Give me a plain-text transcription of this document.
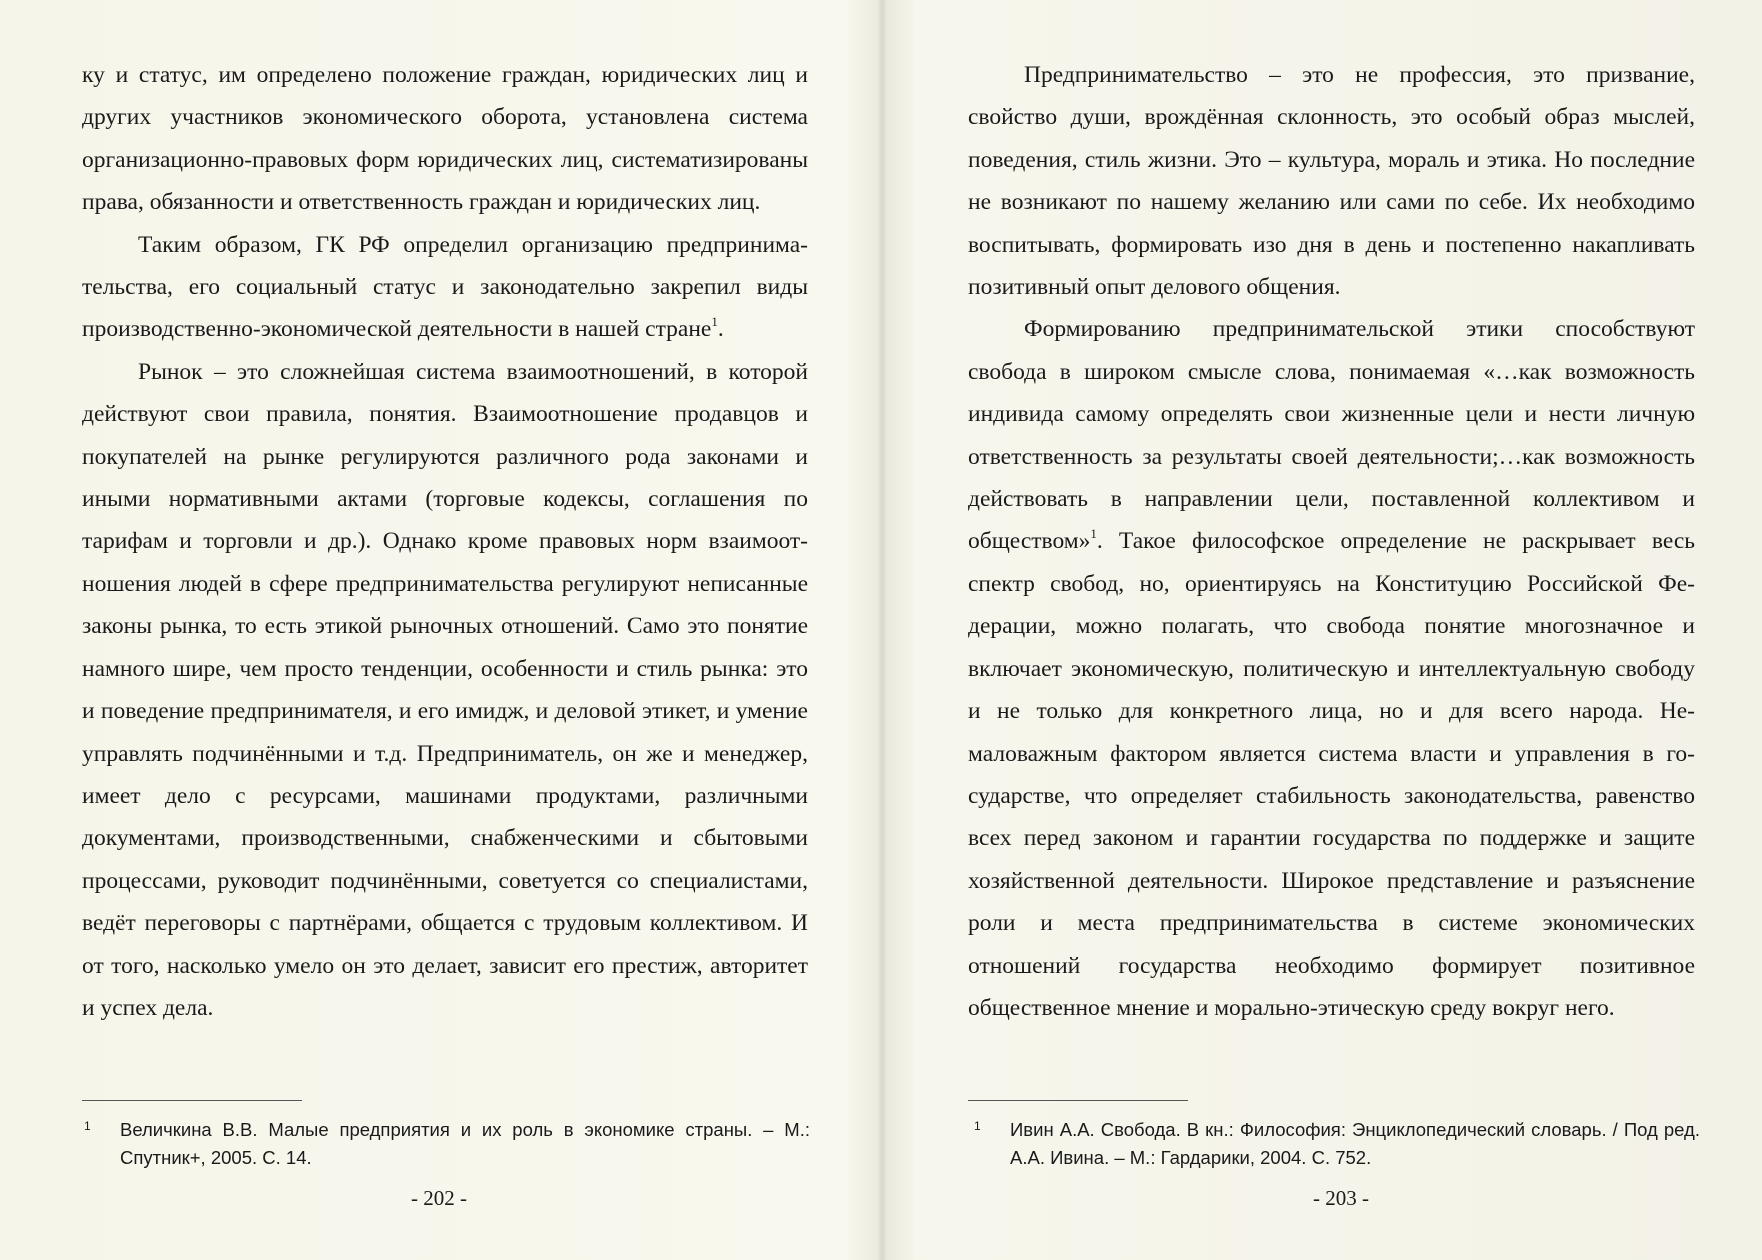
ку и статус, им определено положение граждан, юридических лиц и других участников экономического оборота, установлена система организационно-правовых форм юридических лиц, систематизированы права, обязанности и ответственность граждан и юридических лиц.

Таким образом, ГК РФ определил организацию предпринимательства, его социальный статус и законодательно закрепил виды производственно-экономической деятельности в нашей стране$^1$.

Рынок – это сложнейшая система взаимоотношений, в которой действуют свои правила, понятия. Взаимоотношение продавцов и покупателей на рынке регулируются различного рода законами и иными нормативными актами (торговые кодексы, соглашения по тарифам и торговли и др.). Однако кроме правовых норм взаимоотношения людей в сфере предпринимательства регулируют неписанные законы рынка, то есть этикой рыночных отношений. Само это понятие намного шире, чем просто тенденции, особенности и стиль рынка: это и поведение предпринимателя, и его имидж, и деловой этикет, и умение управлять подчинёнными и т.д. Предприниматель, он же и менеджер, имеет дело с ресурсами, машинами продуктами, различными документами, производственными, снабженческими и сбытовыми процессами, руководит подчинёнными, советуется со специалистами, ведёт переговоры с партнёрами, общается с трудовым коллективом. И от того, насколько умело он это делает, зависит его престиж, авторитет и успех дела.

1	Величкина В.В. Малые предприятия и их роль в экономике страны. – М.: Спутник+, 2005. С. 14.
- 202 -

Предпринимательство – это не профессия, это призвание, свойство души, врождённая склонность, это особый образ мыслей, поведения, стиль жизни. Это – культура, мораль и этика. Но последние не возникают по нашему желанию или сами по себе. Их необходимо воспитывать, формировать изо дня в день и постепенно накапливать позитивный опыт делового общения.

Формированию предпринимательской этики способствуют свобода в широком смысле слова, понимаемая «…как возможность индивида самому определять свои жизненные цели и нести личную ответственность за результаты своей деятельности;…как возможность действовать в направлении цели, поставленной коллективом и обществом»$^1$. Такое философское определение не раскрывает весь спектр свобод, но, ориентируясь на Конституцию Российской Федерации, можно полагать, что свобода понятие многозначное и включает экономическую, политическую и интеллектуальную свободу и не только для конкретного лица, но и для всего народа. Немаловажным фактором является система власти и управления в государстве, что определяет стабильность законодательства, равенство всех перед законом и гарантии государства по поддержке и защите хозяйственной деятельности. Широкое представление и разъяснение роли и места предпринимательства в системе экономических отношений государства необходимо формирует позитивное общественное мнение и морально-этическую среду вокруг него.

1	Ивин А.А. Свобода. В кн.: Философия: Энциклопедический словарь. / Под ред. А.А. Ивина. – М.: Гардарики, 2004. С. 752.
- 203 -
